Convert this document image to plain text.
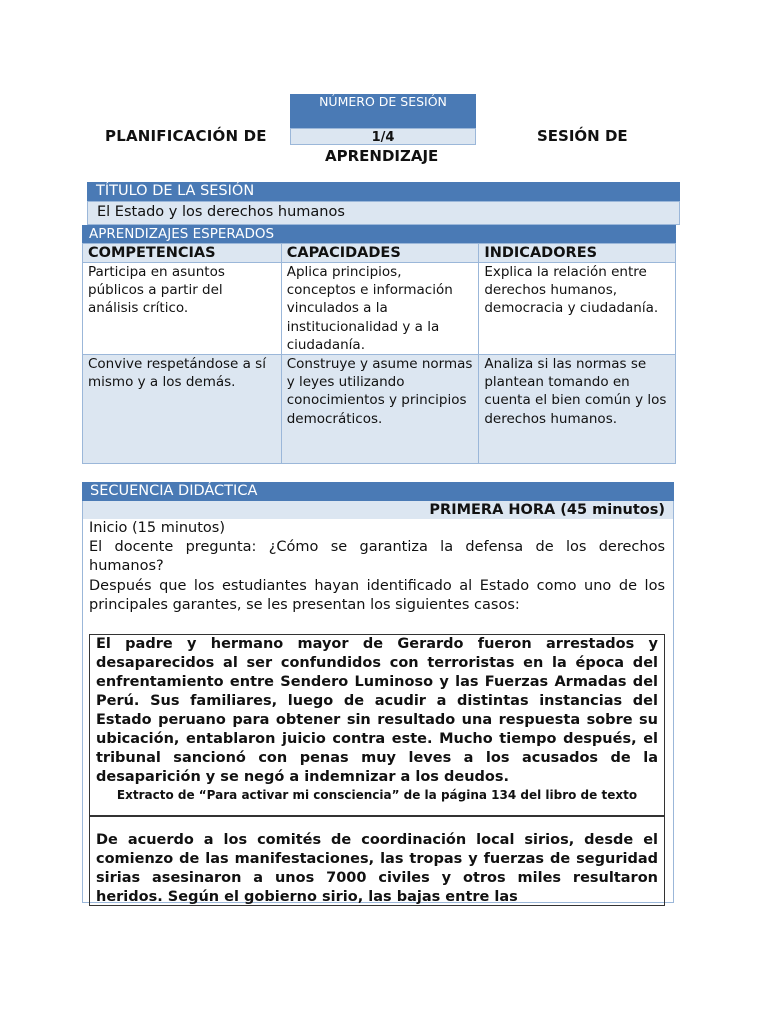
PLANIFICACIÓN DE
NÚMERO DE SESIÓN
1/4	SESIÓN DE
APRENDIZAJE
TÍTULO DE LA SESIÓN
El Estado y los derechos humanos
APRENDIZAJES ESPERADOS
COMPETENCIAS	CAPACIDADES	INDICADORES
Participa en asuntos públicos a partir del análisis crítico.	Aplica principios, conceptos e información vinculados a la institucionalidad y a la ciudadanía.	Explica la relación entre derechos humanos, democracia y ciudadanía.
Convive respetándose a sí mismo y a los demás.	Construye y asume normas y leyes utilizando conocimientos y principios democráticos.	Analiza si las normas se plantean tomando en cuenta el bien común y los derechos humanos.
SECUENCIA DIDÁCTICA
PRIMERA HORA (45 minutos)

Inicio (15 minutos)

El docente pregunta: ¿Cómo se garantiza la defensa de los derechos humanos?

Después que los estudiantes hayan identificado al Estado como uno de los principales garantes, se les presentan los siguientes casos:

El padre y hermano mayor de Gerardo fueron arrestados y desaparecidos al ser confundidos con terroristas en la época del enfrentamiento entre Sendero Luminoso y las Fuerzas Armadas del Perú. Sus familiares, luego de acudir a distintas instancias del Estado peruano para obtener sin resultado una respuesta sobre su ubicación, entablaron juicio contra este. Mucho tiempo después, el tribunal sancionó con penas muy leves a los acusados de la desaparición y se negó a indemnizar a los deudos.

Extracto de “Para activar mi consciencia” de la página 134 del libro de texto

De acuerdo a los comités de coordinación local sirios, desde el comienzo de las manifestaciones, las tropas y fuerzas de seguridad sirias asesinaron a unos 7000 civiles y otros miles resultaron heridos. Según el gobierno sirio, las bajas entre las
